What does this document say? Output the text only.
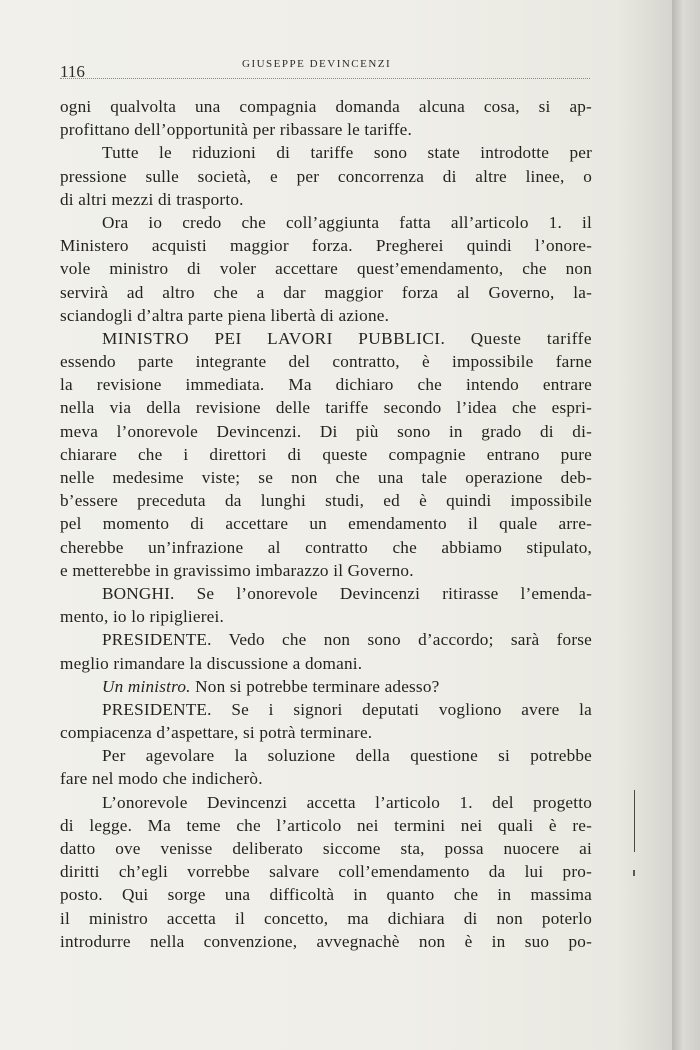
116	GIUSEPPE DEVINCENZI
ogni qualvolta una compagnia domanda alcuna cosa, si ap-
profittano dell’opportunità per ribassare le tariffe.
Tutte le riduzioni di tariffe sono state introdotte per
pressione sulle società, e per concorrenza di altre linee, o
di altri mezzi di trasporto.
Ora io credo che coll’aggiunta fatta all’articolo 1. il
Ministero acquisti maggior forza. Pregherei quindi l’onore-
vole ministro di voler accettare quest’emendamento, che non
servirà ad altro che a dar maggior forza al Governo, la-
sciandogli d’altra parte piena libertà di azione.
MINISTRO PEI LAVORI PUBBLICI. Queste tariffe
essendo parte integrante del contratto, è impossibile farne
la revisione immediata. Ma dichiaro che intendo entrare
nella via della revisione delle tariffe secondo l’idea che espri-
meva l’onorevole Devincenzi. Di più sono in grado di di-
chiarare che i direttori di queste compagnie entrano pure
nelle medesime viste; se non che una tale operazione deb-
b’essere preceduta da lunghi studi, ed è quindi impossibile
pel momento di accettare un emendamento il quale arre-
cherebbe un’infrazione al contratto che abbiamo stipulato,
e metterebbe in gravissimo imbarazzo il Governo.
BONGHI. Se l’onorevole Devincenzi ritirasse l’emenda-
mento, io lo ripiglierei.
PRESIDENTE. Vedo che non sono d’accordo; sarà forse
meglio rimandare la discussione a domani.
Un ministro. Non si potrebbe terminare adesso?
PRESIDENTE. Se i signori deputati vogliono avere la
compiacenza d’aspettare, si potrà terminare.
Per agevolare la soluzione della questione si potrebbe
fare nel modo che indicherò.
L’onorevole Devincenzi accetta l’articolo 1. del progetto
di legge. Ma teme che l’articolo nei termini nei quali è re-
datto ove venisse deliberato siccome sta, possa nuocere ai
diritti ch’egli vorrebbe salvare coll’emendamento da lui pro-
posto. Qui sorge una difficoltà in quanto che in massima
il ministro accetta il concetto, ma dichiara di non poterlo
introdurre nella convenzione, avvegnachè non è in suo po-
